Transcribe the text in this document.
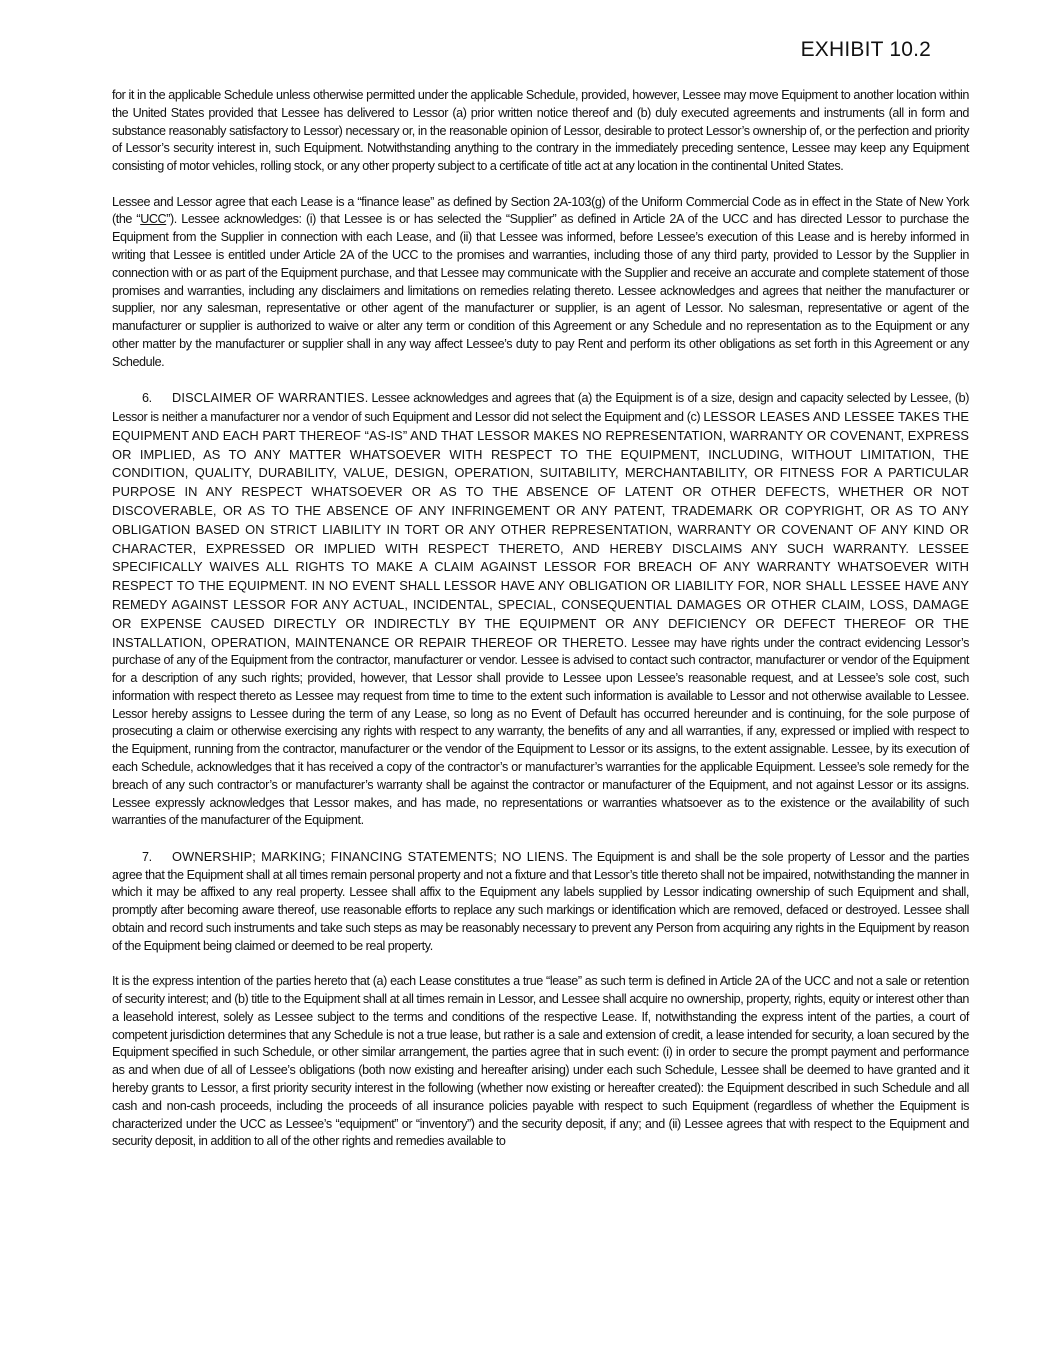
EXHIBIT 10.2

for it in the applicable Schedule unless otherwise permitted under the applicable Schedule, provided, however, Lessee may move Equipment to another location within the United States provided that Lessee has delivered to Lessor (a) prior written notice thereof and (b) duly executed agreements and instruments (all in form and substance reasonably satisfactory to Lessor) necessary or, in the reasonable opinion of Lessor, desirable to protect Lessor’s ownership of, or the perfection and priority of Lessor’s security interest in, such Equipment. Notwithstanding anything to the contrary in the immediately preceding sentence, Lessee may keep any Equipment consisting of motor vehicles, rolling stock, or any other property subject to a certificate of title act at any location in the continental United States.

Lessee and Lessor agree that each Lease is a “finance lease” as defined by Section 2A-103(g) of the Uniform Commercial Code as in effect in the State of New York (the “UCC”). Lessee acknowledges: (i) that Lessee is or has selected the “Supplier” as defined in Article 2A of the UCC and has directed Lessor to purchase the Equipment from the Supplier in connection with each Lease, and (ii) that Lessee was informed, before Lessee’s execution of this Lease and is hereby informed in writing that Lessee is entitled under Article 2A of the UCC to the promises and warranties, including those of any third party, provided to Lessor by the Supplier in connection with or as part of the Equipment purchase, and that Lessee may communicate with the Supplier and receive an accurate and complete statement of those promises and warranties, including any disclaimers and limitations on remedies relating thereto. Lessee acknowledges and agrees that neither the manufacturer or supplier, nor any salesman, representative or other agent of the manufacturer or supplier, is an agent of Lessor. No salesman, representative or agent of the manufacturer or supplier is authorized to waive or alter any term or condition of this Agreement or any Schedule and no representation as to the Equipment or any other matter by the manufacturer or supplier shall in any way affect Lessee’s duty to pay Rent and perform its other obligations as set forth in this Agreement or any Schedule.

6. DISCLAIMER OF WARRANTIES. Lessee acknowledges and agrees that (a) the Equipment is of a size, design and capacity selected by Lessee, (b) Lessor is neither a manufacturer nor a vendor of such Equipment and Lessor did not select the Equipment and (c) LESSOR LEASES AND LESSEE TAKES THE EQUIPMENT AND EACH PART THEREOF “AS-IS” AND THAT LESSOR MAKES NO REPRESENTATION, WARRANTY OR COVENANT, EXPRESS OR IMPLIED, AS TO ANY MATTER WHATSOEVER WITH RESPECT TO THE EQUIPMENT, INCLUDING, WITHOUT LIMITATION, THE CONDITION, QUALITY, DURABILITY, VALUE, DESIGN, OPERATION, SUITABILITY, MERCHANTABILITY, OR FITNESS FOR A PARTICULAR PURPOSE IN ANY RESPECT WHATSOEVER OR AS TO THE ABSENCE OF LATENT OR OTHER DEFECTS, WHETHER OR NOT DISCOVERABLE, OR AS TO THE ABSENCE OF ANY INFRINGEMENT OR ANY PATENT, TRADEMARK OR COPYRIGHT, OR AS TO ANY OBLIGATION BASED ON STRICT LIABILITY IN TORT OR ANY OTHER REPRESENTATION, WARRANTY OR COVENANT OF ANY KIND OR CHARACTER, EXPRESSED OR IMPLIED WITH RESPECT THERETO, AND HEREBY DISCLAIMS ANY SUCH WARRANTY. LESSEE SPECIFICALLY WAIVES ALL RIGHTS TO MAKE A CLAIM AGAINST LESSOR FOR BREACH OF ANY WARRANTY WHATSOEVER WITH RESPECT TO THE EQUIPMENT. IN NO EVENT SHALL LESSOR HAVE ANY OBLIGATION OR LIABILITY FOR, NOR SHALL LESSEE HAVE ANY REMEDY AGAINST LESSOR FOR ANY ACTUAL, INCIDENTAL, SPECIAL, CONSEQUENTIAL DAMAGES OR OTHER CLAIM, LOSS, DAMAGE OR EXPENSE CAUSED DIRECTLY OR INDIRECTLY BY THE EQUIPMENT OR ANY DEFICIENCY OR DEFECT THEREOF OR THE INSTALLATION, OPERATION, MAINTENANCE OR REPAIR THEREOF OR THERETO. Lessee may have rights under the contract evidencing Lessor’s purchase of any of the Equipment from the contractor, manufacturer or vendor. Lessee is advised to contact such contractor, manufacturer or vendor of the Equipment for a description of any such rights; provided, however, that Lessor shall provide to Lessee upon Lessee’s reasonable request, and at Lessee’s sole cost, such information with respect thereto as Lessee may request from time to time to the extent such information is available to Lessor and not otherwise available to Lessee. Lessor hereby assigns to Lessee during the term of any Lease, so long as no Event of Default has occurred hereunder and is continuing, for the sole purpose of prosecuting a claim or otherwise exercising any rights with respect to any warranty, the benefits of any and all warranties, if any, expressed or implied with respect to the Equipment, running from the contractor, manufacturer or the vendor of the Equipment to Lessor or its assigns, to the extent assignable. Lessee, by its execution of each Schedule, acknowledges that it has received a copy of the contractor’s or manufacturer’s warranties for the applicable Equipment. Lessee’s sole remedy for the breach of any such contractor’s or manufacturer’s warranty shall be against the contractor or manufacturer of the Equipment, and not against Lessor or its assigns. Lessee expressly acknowledges that Lessor makes, and has made, no representations or warranties whatsoever as to the existence or the availability of such warranties of the manufacturer of the Equipment.

7. OWNERSHIP; MARKING; FINANCING STATEMENTS; NO LIENS. The Equipment is and shall be the sole property of Lessor and the parties agree that the Equipment shall at all times remain personal property and not a fixture and that Lessor’s title thereto shall not be impaired, notwithstanding the manner in which it may be affixed to any real property. Lessee shall affix to the Equipment any labels supplied by Lessor indicating ownership of such Equipment and shall, promptly after becoming aware thereof, use reasonable efforts to replace any such markings or identification which are removed, defaced or destroyed. Lessee shall obtain and record such instruments and take such steps as may be reasonably necessary to prevent any Person from acquiring any rights in the Equipment by reason of the Equipment being claimed or deemed to be real property.

It is the express intention of the parties hereto that (a) each Lease constitutes a true “lease” as such term is defined in Article 2A of the UCC and not a sale or retention of security interest; and (b) title to the Equipment shall at all times remain in Lessor, and Lessee shall acquire no ownership, property, rights, equity or interest other than a leasehold interest, solely as Lessee subject to the terms and conditions of the respective Lease. If, notwithstanding the express intent of the parties, a court of competent jurisdiction determines that any Schedule is not a true lease, but rather is a sale and extension of credit, a lease intended for security, a loan secured by the Equipment specified in such Schedule, or other similar arrangement, the parties agree that in such event: (i) in order to secure the prompt payment and performance as and when due of all of Lessee’s obligations (both now existing and hereafter arising) under each such Schedule, Lessee shall be deemed to have granted and it hereby grants to Lessor, a first priority security interest in the following (whether now existing or hereafter created): the Equipment described in such Schedule and all cash and non-cash proceeds, including the proceeds of all insurance policies payable with respect to such Equipment (regardless of whether the Equipment is characterized under the UCC as Lessee’s “equipment” or “inventory”) and the security deposit, if any; and (ii) Lessee agrees that with respect to the Equipment and security deposit, in addition to all of the other rights and remedies available to
